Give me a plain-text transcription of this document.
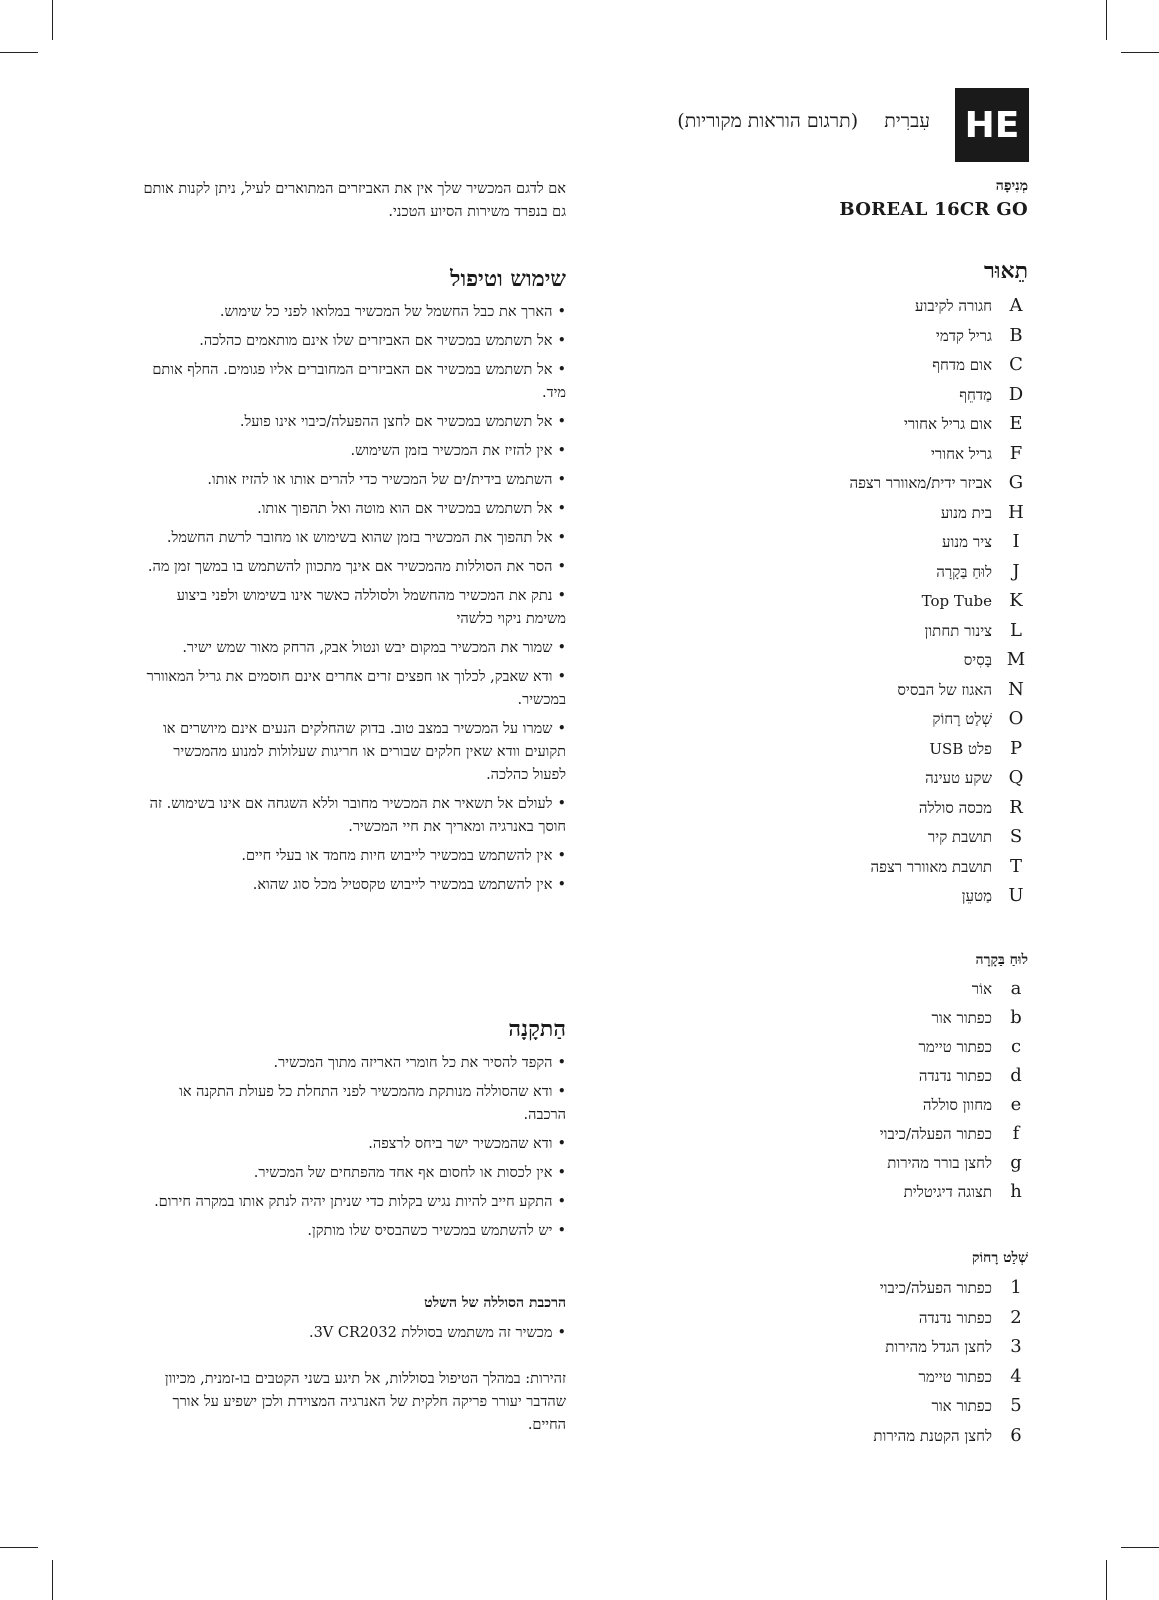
HE
עִברִית (תרגום הוראות מקוריות)
מְנִיפָה
BOREAL 16CR GO
תֵאוּר
A
חגורה לקיבוע
B
גריל קדמי
C
אום מדחף
D
מַדחֵף
E
אום גריל אחורי
F
גריל אחורי
G
אביזר ידית/מאוורר רצפה
H
בית מנוע
I
ציר מנוע
J
לוּחַ בַּקָרָה
K
Top Tube
L
צינור תחתון
M
בָּסִיס
N
האגוז של הבסיס
O
שְׁלַט רָחוֹק
P
פלט USB
Q
שקע טעינה
R
מכסה סוללה
S
תושבת קיר
T
תושבת מאוורר רצפה
U
מַטעֵן
לוּחַ בַּקָרָה
a
אוֹר
b
כפתור אור
c
כפתור טיימר
d
כפתור נדנדה
e
מחוון סוללה
f
כפתור הפעלה/כיבוי
g
לחצן בורר מהירות
h
תצוגה דיגיטלית
שְׁלַט רָחוֹק
1
כפתור הפעלה/כיבוי
2
כפתור נדנדה
3
לחצן הגדל מהירות
4
כפתור טיימר
5
כפתור אור
6
לחצן הקטנת מהירות
אם לדגם המכשיר שלך אין את האביזרים המתוארים לעיל, ניתן לקנות אותם גם בנפרד משירות הסיוע הטכני.
שימוש וטיפול
• הארך את כבל החשמל של המכשיר במלואו לפני כל שימוש.
• אל תשתמש במכשיר אם האביזרים שלו אינם מותאמים כהלכה.
• אל תשתמש במכשיר אם האביזרים המחוברים אליו פגומים. החלף אותם מיד.
• אל תשתמש במכשיר אם לחצן ההפעלה/כיבוי אינו פועל.
• אין להזיז את המכשיר בזמן השימוש.
• השתמש בידית/ים של המכשיר כדי להרים אותו או להזיז אותו.
• אל תשתמש במכשיר אם הוא מוטה ואל תהפוך אותו.
• אל תהפוך את המכשיר בזמן שהוא בשימוש או מחובר לרשת החשמל.
• הסר את הסוללות מהמכשיר אם אינך מתכוון להשתמש בו במשך זמן מה.
• נתק את המכשיר מהחשמל ולסוללה כאשר אינו בשימוש ולפני ביצוע משימת ניקוי כלשהי
• שמור את המכשיר במקום יבש ונטול אבק, הרחק מאור שמש ישיר.
• ודא שאבק, לכלוך או חפצים זרים אחרים אינם חוסמים את גריל המאוורר במכשיר.
• שמרו על המכשיר במצב טוב. בדוק שהחלקים הנעים אינם מיושרים או תקועים וודא שאין חלקים שבורים או חריגות שעלולות למנוע מהמכשיר לפעול כהלכה.
• לעולם אל תשאיר את המכשיר מחובר וללא השגחה אם אינו בשימוש. זה חוסך באנרגיה ומאריך את חיי המכשיר.
• אין להשתמש במכשיר לייבוש חיות מחמד או בעלי חיים.
• אין להשתמש במכשיר לייבוש טקסטיל מכל סוג שהוא.
הַתקָנָה
• הקפד להסיר את כל חומרי האריזה מתוך המכשיר.
• ודא שהסוללה מנותקת מהמכשיר לפני התחלת כל פעולת התקנה או הרכבה.
• ודא שהמכשיר ישר ביחס לרצפה.
• אין לכסות או לחסום אף אחד מהפתחים של המכשיר.
• התקע חייב להיות נגיש בקלות כדי שניתן יהיה לנתק אותו במקרה חירום.
• יש להשתמש במכשיר כשהבסיס שלו מותקן.
הרכבת הסוללה של השלט
• מכשיר זה משתמש בסוללת 3V CR2032.
זהירות: במהלך הטיפול בסוללות, אל תיגע בשני הקטבים בו-זמנית, מכיוון שהדבר יעורר פריקה חלקית של האנרגיה המצוידת ולכן ישפיע על אורך החיים.
